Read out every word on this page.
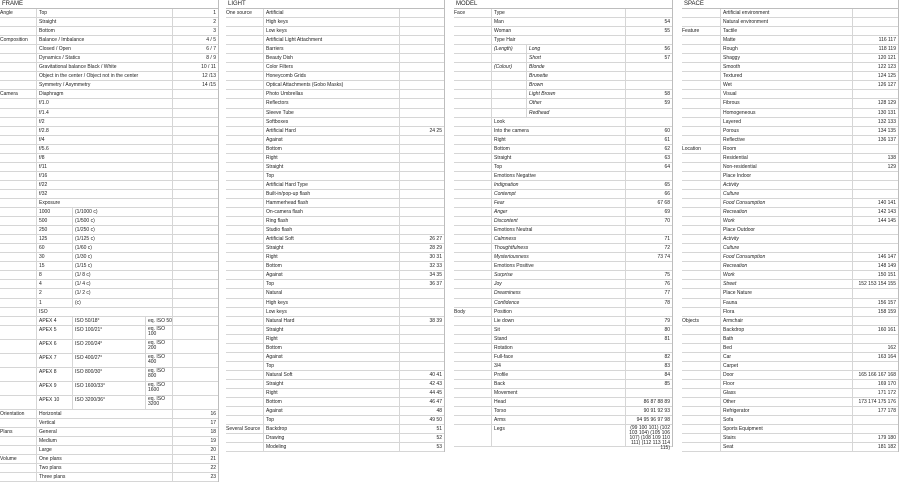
FRAME
Angle	Top	1
Straight	2
Bottom	3
Composition	Balance / Imbalance	4 / 5
Closed / Open	6 / 7
Dynamics / Statics	8 / 9
Gravitational balance Black / White	10 / 11
Object in the center / Object not in the center	12 /13
Symmetry / Asymmetry	14 /15
Camera	Diaphragm
f/1.0
f/1.4
f/2
f/2.8
f/4
f/5.6
f/8
f/11
f/16
f/22
f/32
Exposure
1000	(1/1000 c)
500	(1/500 c)
250	(1/250 c)
125	(1/125 c)
60	(1/60 c)
30	(1/30 c)
15	(1/15 c)
8	(1/ 8 c)
4	(1/ 4 c)
2	(1/ 2 c)
1	(c)
ISO
APEX 4	ISO 50/18°	eq. ISO 50
APEX 5	ISO 100/21°	eq. ISO 100
APEX 6	ISO 200/24°	eq. ISO 200
APEX 7	ISO 400/27°	eq. ISO 400
APEX 8	ISO 800/30°	eq. ISO 800
APEX 9	ISO 1600/33°	eq. ISO 1600
APEX 10	ISO 3200/36°	eq. ISO 3200
Orientation	Horizontal	16
Vertical	17
Plans	General	18
Medium	19
Large	20
Volume	One plans	21
Two plans	22
Three plans	23
LIGHT
One source	Artificial
High keys
Low keys
Artificial Light Attachment
Barriers
Beauty Dish
Color Filters
Honeycomb Grids
Optical Attachments (Gobo Masks)
Photo Umbrellas
Reflectors
Sleeve Tube
Softboxes
Artificial Hard	24 25
Against
Bottom
Right
Straight
Top
Artificial Hard Type
Built-in/pop-up flash
Hammerhead flash
On-camera flash
Ring flash
Studio flash
Artificial Soft	26 27
Straight	28 29
Right	30 31
Bottom	32 33
Against	34 35
Top	36 37
Natural
High keys
Low keys
Natural Hard	38 39
Straight
Right
Bottom
Against
Top
Natural Soft	40 41
Straight	42 43
Right	44 45
Bottom	46 47
Against	48
Top	49 50
Several Source	Backdrop	51
Drawing	52
Modeling	53
MODEL
Face	Type
Man	54
Woman	55
Type Hair
(Length)	Long	56
Short	57
(Colour)	Blonde
Brunette
Brown
Light Brown	58
Other	59
Redhead
Look
Into the camera	60
Right	61
Bottom	62
Straight	63
Top	64
Emotions Negative
Indignation	65
Contempt	66
Fear	67 68
Anger	69
Discontent	70
Emotions Neutral
Calmness	71
Thoughtfulness	72
Mysteriousness	73 74
Emotions Positive
Surprise	75
Joy	76
Dreaminess	77
Confidence	78
Body	Position
Lie down	79
Sit	80
Stand	81
Rotation
Full-face	82
3/4	83
Profile	84
Back	85
Movement
Head	86 87 88 89
Torso	90 91 92 93
Arms	94 95 96 97 98
Legs	(99 100 101) (102 103 104) (105 106 107) (108 109 110 111) (112 113 114 115)
SPACE
Artificial environment
Natural environment
Feature	Tactile
Matte	116 117
Rough	118 119
Shaggy	120 121
Smooth	122 123
Textured	124 125
Wet	126 127
Visual
Fibrous	128 129
Homogeneous	130 131
Layered	132 133
Porous	134 135
Reflective	136 137
Location	Room
Residential	138
Non-residential	129
Place Indoor
Activity
Culture
Food Consumption	140 141
Recreation	142 143
Work	144 145
Place Outdoor
Activity
Culture
Food Consumption	146 147
Recreation	148 149
Work	150 151
Street	152 153 154 155
Place Nature
Fauna	156 157
Flora	158 159
Objects	Armchair
Backdrop	160 161
Bath
Bed	162
Car	163 164
Carpet
Door	165 166 167 168
Floor	169 170
Glass	171 172
Other	173 174 175 176
Refrigerator	177 178
Sofa
Sports Equipment
Stairs	179 180
Seat	181 182
